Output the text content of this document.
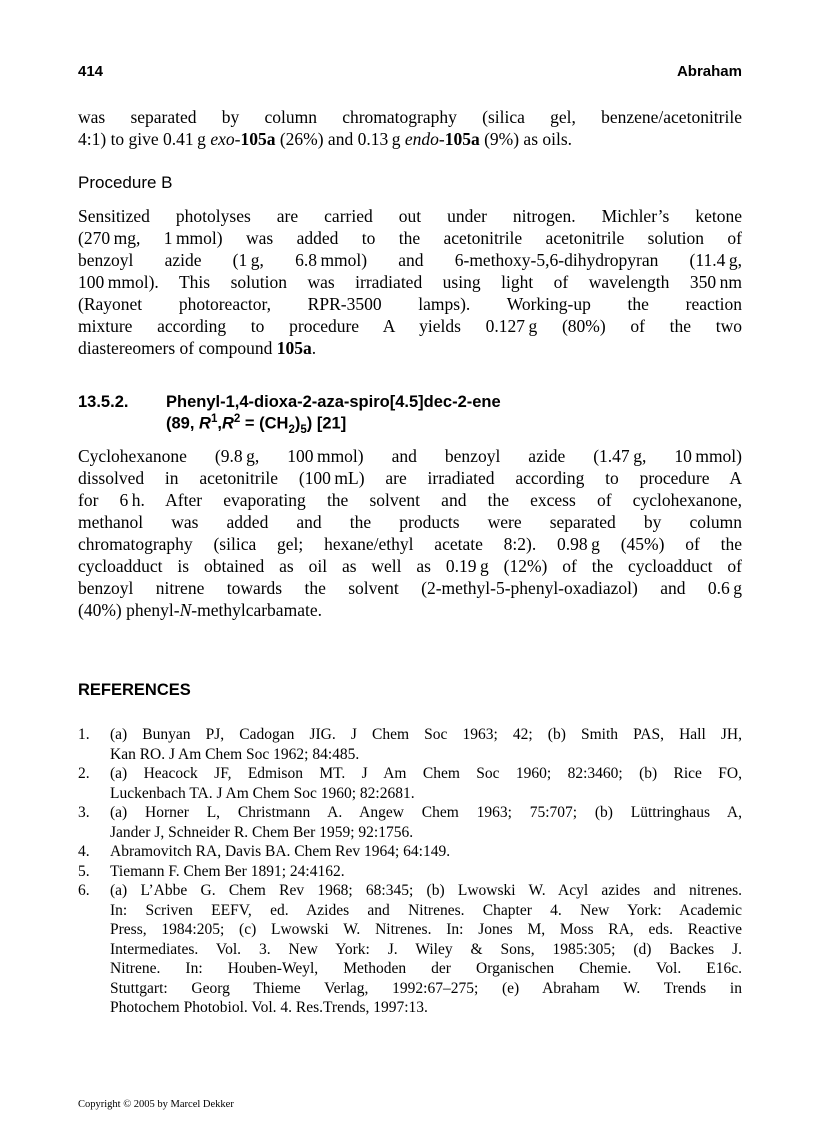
414	Abraham
was separated by column chromatography (silica gel, benzene/acetonitrile
4:1) to give 0.41 g exo-105a (26%) and 0.13 g endo-105a (9%) as oils.
Procedure B
Sensitized photolyses are carried out under nitrogen. Michler’s ketone
(270 mg, 1 mmol) was added to the acetonitrile acetonitrile solution of
benzoyl azide (1 g, 6.8 mmol) and 6-methoxy-5,6-dihydropyran (11.4 g,
100 mmol). This solution was irradiated using light of wavelength 350 nm
(Rayonet photoreactor, RPR-3500 lamps). Working-up the reaction
mixture according to procedure A yields 0.127 g (80%) of the two
diastereomers of compound 105a.
13.5.2. Phenyl-1,4-dioxa-2-aza-spiro[4.5]dec-2-ene
(89, $R^1,R^2 = (CH_2)_5$) [21]
Cyclohexanone (9.8 g, 100 mmol) and benzoyl azide (1.47 g, 10 mmol)
dissolved in acetonitrile (100 mL) are irradiated according to procedure A
for 6 h. After evaporating the solvent and the excess of cyclohexanone,
methanol was added and the products were separated by column
chromatography (silica gel; hexane/ethyl acetate 8:2). 0.98 g (45%) of the
cycloadduct is obtained as oil as well as 0.19 g (12%) of the cycloadduct of
benzoyl nitrene towards the solvent (2-methyl-5-phenyl-oxadiazol) and 0.6 g
(40%) phenyl-N-methylcarbamate.
REFERENCES
1. (a) Bunyan PJ, Cadogan JIG. J Chem Soc 1963; 42; (b) Smith PAS, Hall JH,
Kan RO. J Am Chem Soc 1962; 84:485.
2. (a) Heacock JF, Edmison MT. J Am Chem Soc 1960; 82:3460; (b) Rice FO,
Luckenbach TA. J Am Chem Soc 1960; 82:2681.
3. (a) Horner L, Christmann A. Angew Chem 1963; 75:707; (b) Lüttringhaus A,
Jander J, Schneider R. Chem Ber 1959; 92:1756.
4. Abramovitch RA, Davis BA. Chem Rev 1964; 64:149.
5. Tiemann F. Chem Ber 1891; 24:4162.
6. (a) L’Abbe G. Chem Rev 1968; 68:345; (b) Lwowski W. Acyl azides and nitrenes.
In: Scriven EEFV, ed. Azides and Nitrenes. Chapter 4. New York: Academic
Press, 1984:205; (c) Lwowski W. Nitrenes. In: Jones M, Moss RA, eds. Reactive
Intermediates. Vol. 3. New York: J. Wiley & Sons, 1985:305; (d) Backes J.
Nitrene. In: Houben-Weyl, Methoden der Organischen Chemie. Vol. E16c.
Stuttgart: Georg Thieme Verlag, 1992:67–275; (e) Abraham W. Trends in
Photochem Photobiol. Vol. 4. Res.Trends, 1997:13.
Copyright © 2005 by Marcel Dekker
